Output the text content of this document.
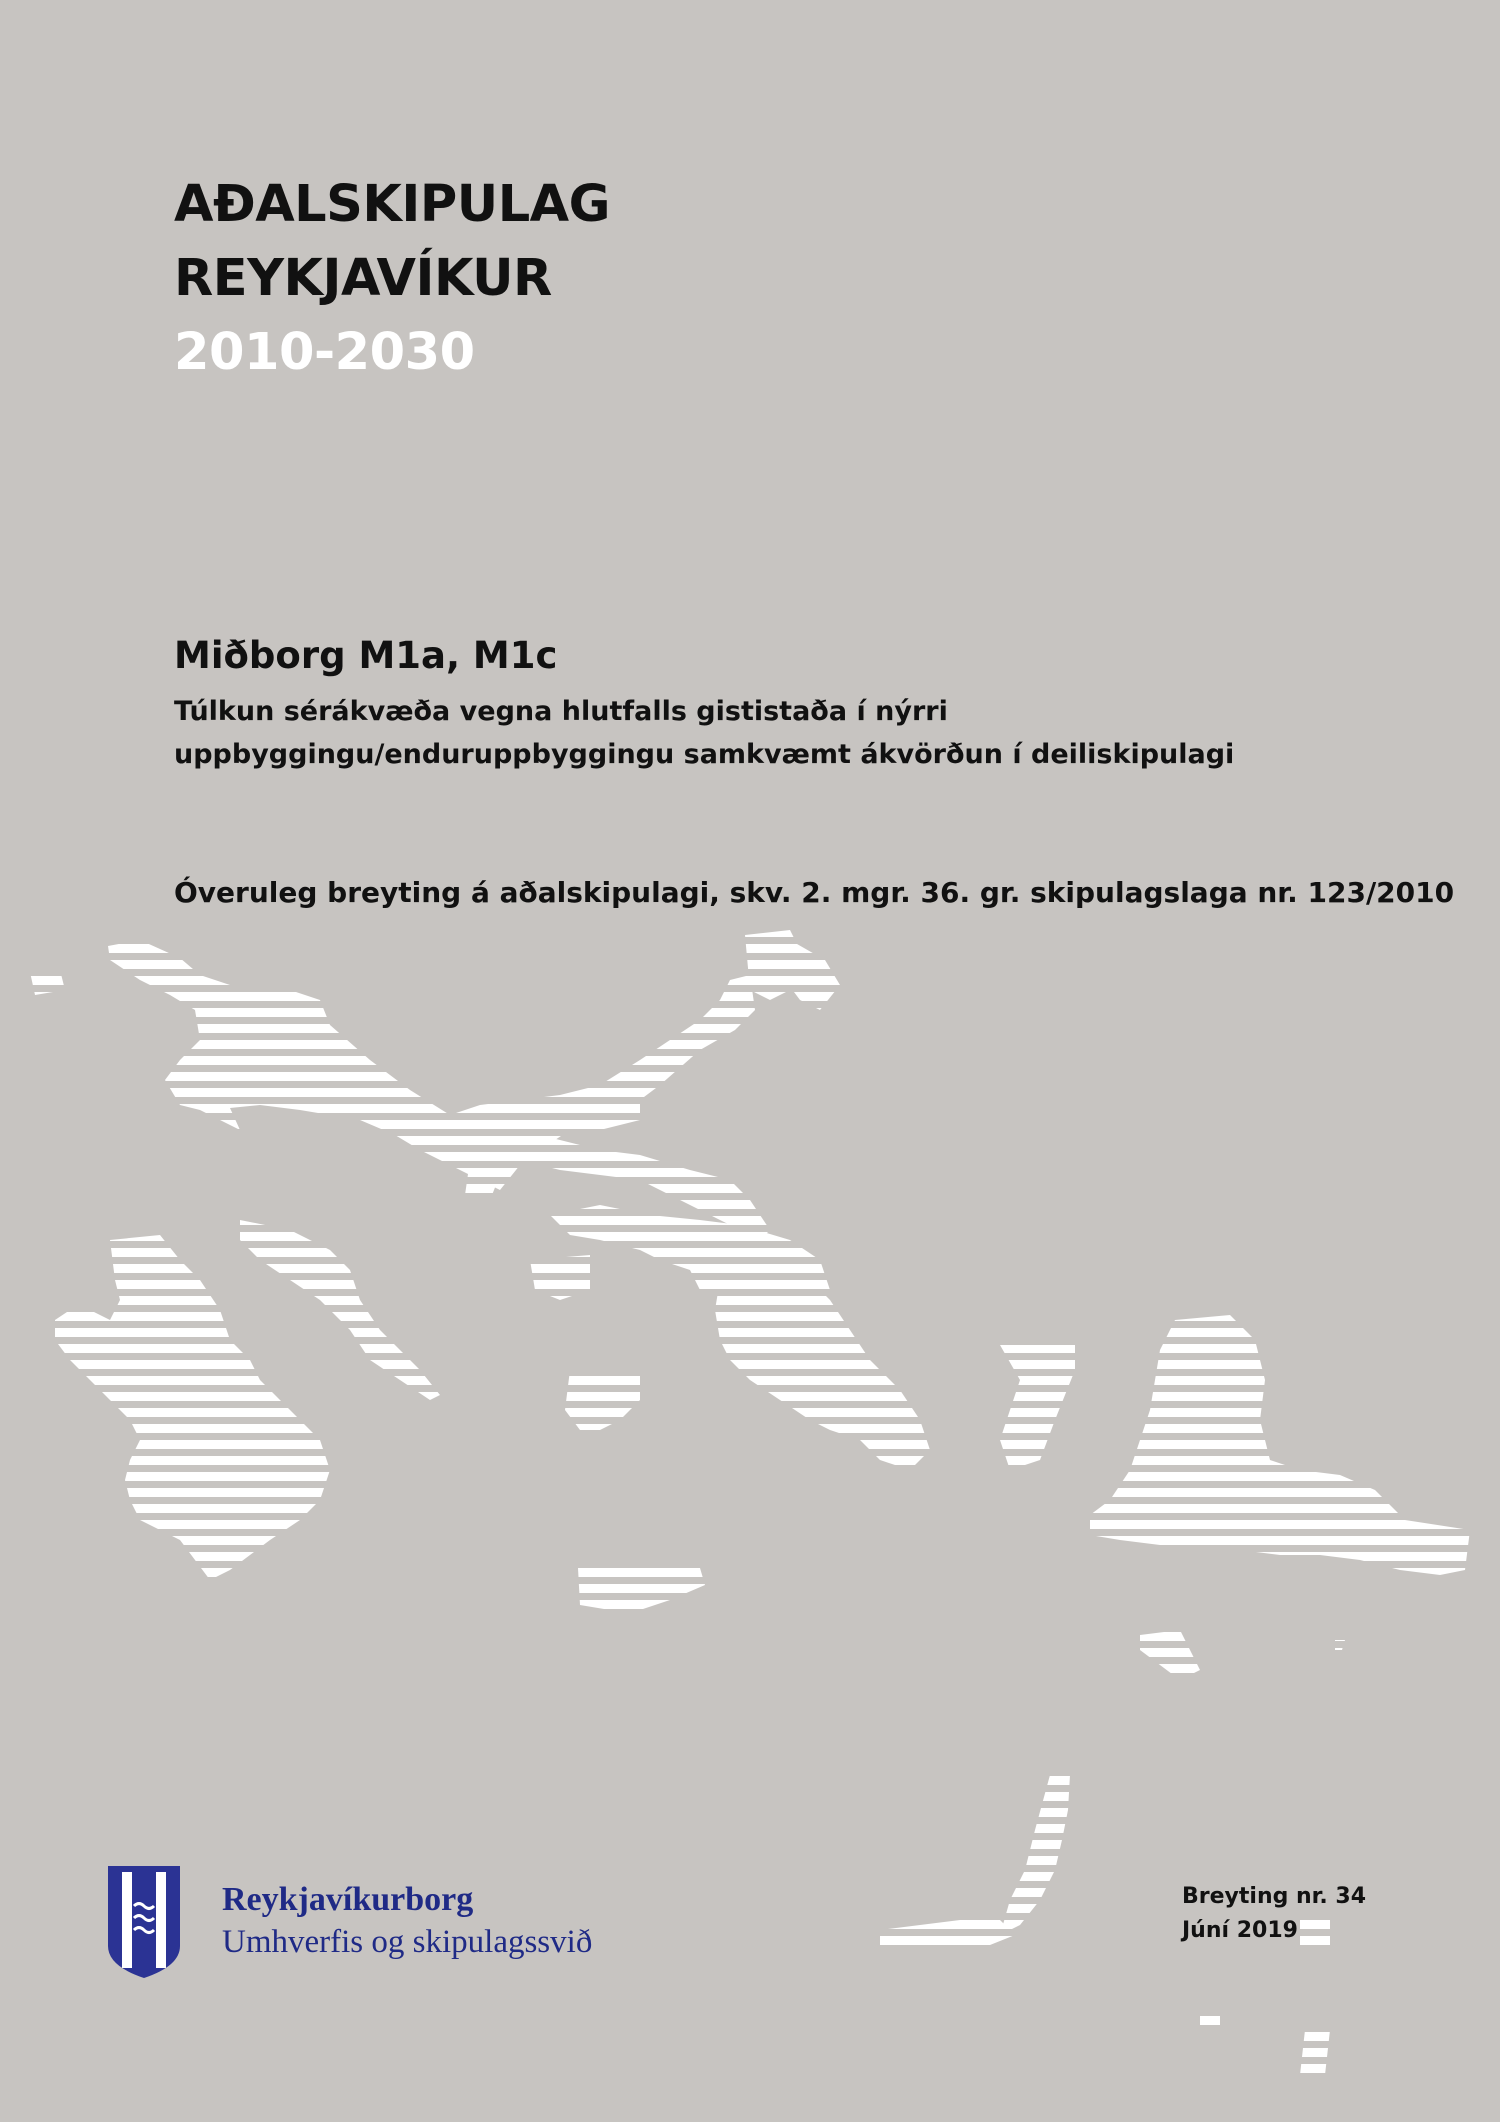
AÐALSKIPULAG
REYKJAVÍKUR
2010-2030
Miðborg M1a, M1c
Túlkun sérákvæða vegna hlutfalls gististaða í nýrri
uppbyggingu/enduruppbyggingu samkvæmt ákvörðun í deiliskipulagi
Óveruleg breyting á aðalskipulagi, skv. 2. mgr. 36. gr. skipulagslaga nr. 123/2010
Reykjavíkurborg
Umhverfis og skipulagssvið
Breyting nr. 34
Júní 2019
